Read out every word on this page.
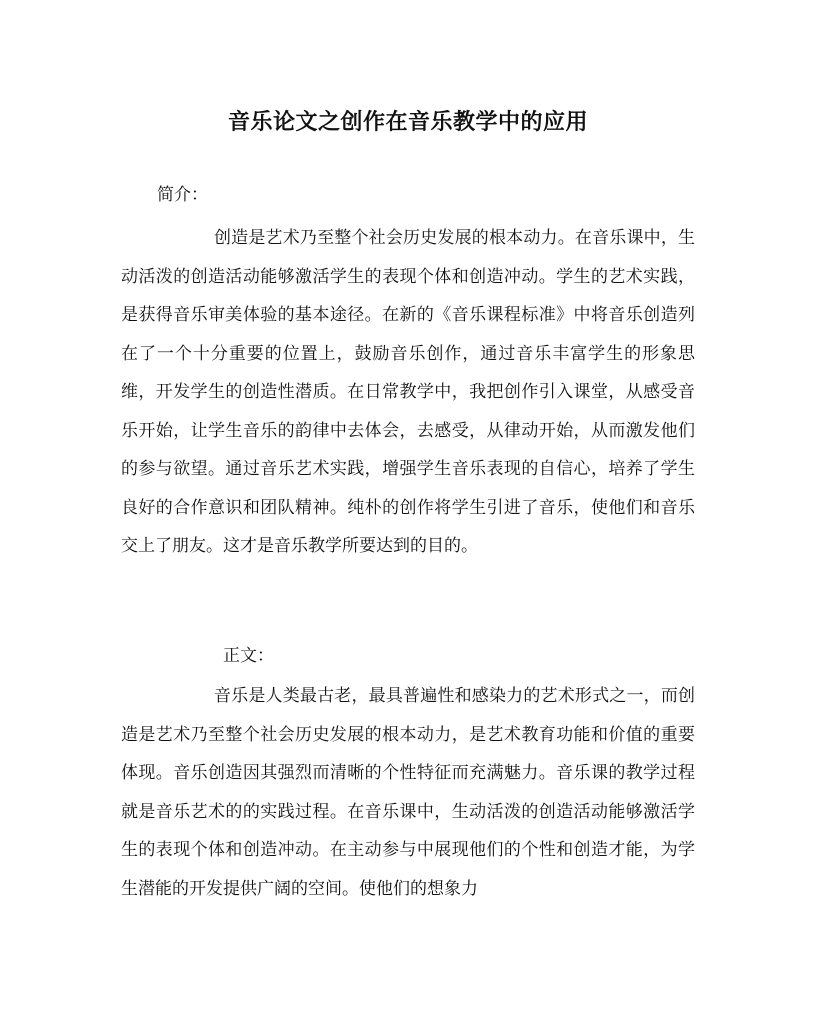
音乐论文之创作在音乐教学中的应用
简介：
创造是艺术乃至整个社会历史发展的根本动力。在音乐课中，生动活泼的创造活动能够激活学生的表现个体和创造冲动。学生的艺术实践，是获得音乐审美体验的基本途径。在新的《音乐课程标准》中将音乐创造列在了一个十分重要的位置上，鼓励音乐创作，通过音乐丰富学生的形象思维，开发学生的创造性潜质。在日常教学中，我把创作引入课堂，从感受音乐开始，让学生音乐的韵律中去体会，去感受，从律动开始，从而激发他们的参与欲望。通过音乐艺术实践，增强学生音乐表现的自信心，培养了学生良好的合作意识和团队精神。纯朴的创作将学生引进了音乐，使他们和音乐交上了朋友。这才是音乐教学所要达到的目的。
正文：
音乐是人类最古老，最具普遍性和感染力的艺术形式之一，而创造是艺术乃至整个社会历史发展的根本动力，是艺术教育功能和价值的重要体现。音乐创造因其强烈而清晰的个性特征而充满魅力。音乐课的教学过程就是音乐艺术的的实践过程。在音乐课中，生动活泼的创造活动能够激活学生的表现个体和创造冲动。在主动参与中展现他们的个性和创造才能，为学生潜能的开发提供广阔的空间。使他们的想象力
